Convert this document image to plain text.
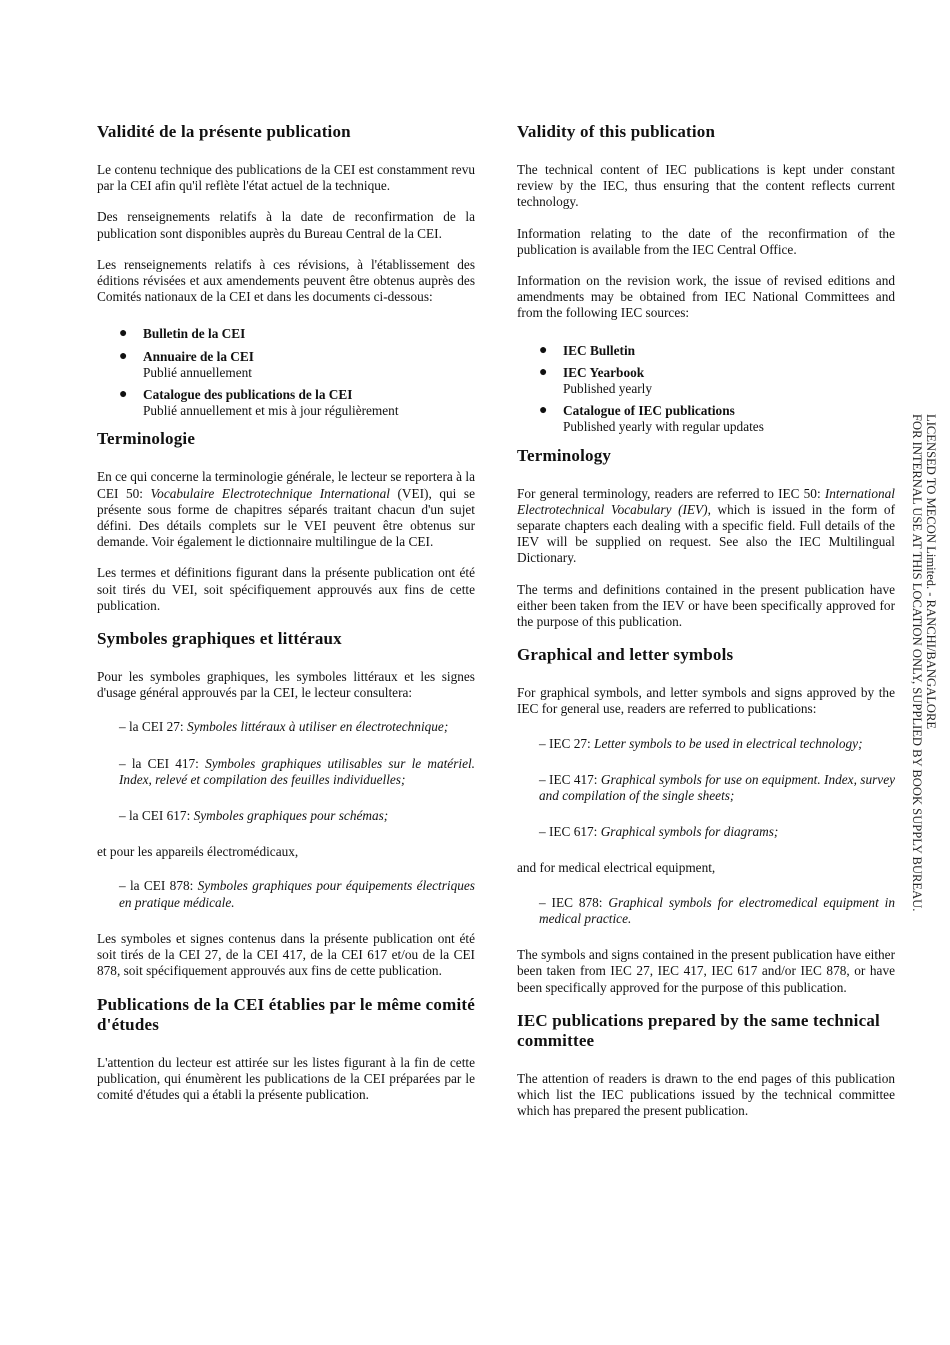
Validité de la présente publication

Le contenu technique des publications de la CEI est constamment revu par la CEI afin qu'il reflète l'état actuel de la technique.

Des renseignements relatifs à la date de reconfirmation de la publication sont disponibles auprès du Bureau Central de la CEI.

Les renseignements relatifs à ces révisions, à l'établissement des éditions révisées et aux amendements peuvent être obtenus auprès des Comités nationaux de la CEI et dans les documents ci-dessous:

● Bulletin de la CEI
● Annuaire de la CEI
Publié annuellement
● Catalogue des publications de la CEI
Publié annuellement et mis à jour régulièrement
Terminologie

En ce qui concerne la terminologie générale, le lecteur se reportera à la CEI 50: Vocabulaire Electrotechnique International (VEI), qui se présente sous forme de chapitres séparés traitant chacun d'un sujet défini. Des détails complets sur le VEI peuvent être obtenus sur demande. Voir également le dictionnaire multilingue de la CEI.

Les termes et définitions figurant dans la présente publication ont été soit tirés du VEI, soit spécifiquement approuvés aux fins de cette publication.

Symboles graphiques et littéraux

Pour les symboles graphiques, les symboles littéraux et les signes d'usage général approuvés par la CEI, le lecteur consultera:

– la CEI 27: Symboles littéraux à utiliser en électrotechnique;
– la CEI 417: Symboles graphiques utilisables sur le matériel. Index, relevé et compilation des feuilles individuelles;
– la CEI 617: Symboles graphiques pour schémas;

et pour les appareils électromédicaux,

– la CEI 878: Symboles graphiques pour équipements électriques en pratique médicale.

Les symboles et signes contenus dans la présente publication ont été soit tirés de la CEI 27, de la CEI 417, de la CEI 617 et/ou de la CEI 878, soit spécifiquement approuvés aux fins de cette publication.

Publications de la CEI établies par le même comité d'études

L'attention du lecteur est attirée sur les listes figurant à la fin de cette publication, qui énumèrent les publications de la CEI préparées par le comité d'études qui a établi la présente publication.

Validity of this publication

The technical content of IEC publications is kept under constant review by the IEC, thus ensuring that the content reflects current technology.

Information relating to the date of the reconfirmation of the publication is available from the IEC Central Office.

Information on the revision work, the issue of revised editions and amendments may be obtained from IEC National Committees and from the following IEC sources:

● IEC Bulletin
● IEC Yearbook
Published yearly
● Catalogue of IEC publications
Published yearly with regular updates
Terminology

For general terminology, readers are referred to IEC 50: International Electrotechnical Vocabulary (IEV), which is issued in the form of separate chapters each dealing with a specific field. Full details of the IEV will be supplied on request. See also the IEC Multilingual Dictionary.

The terms and definitions contained in the present publication have either been taken from the IEV or have been specifically approved for the purpose of this publication.

Graphical and letter symbols

For graphical symbols, and letter symbols and signs approved by the IEC for general use, readers are referred to publications:

– IEC 27: Letter symbols to be used in electrical technology;
– IEC 417: Graphical symbols for use on equipment. Index, survey and compilation of the single sheets;
– IEC 617: Graphical symbols for diagrams;

and for medical electrical equipment,

– IEC 878: Graphical symbols for electromedical equipment in medical practice.

The symbols and signs contained in the present publication have either been taken from IEC 27, IEC 417, IEC 617 and/or IEC 878, or have been specifically approved for the purpose of this publication.

IEC publications prepared by the same technical committee

The attention of readers is drawn to the end pages of this publication which list the IEC publications issued by the technical committee which has prepared the present publication.

LICENSED TO MECON Limited. - RANCHI/BANGALORE
FOR INTERNAL USE AT THIS LOCATION ONLY, SUPPLIED BY BOOK SUPPLY BUREAU.
